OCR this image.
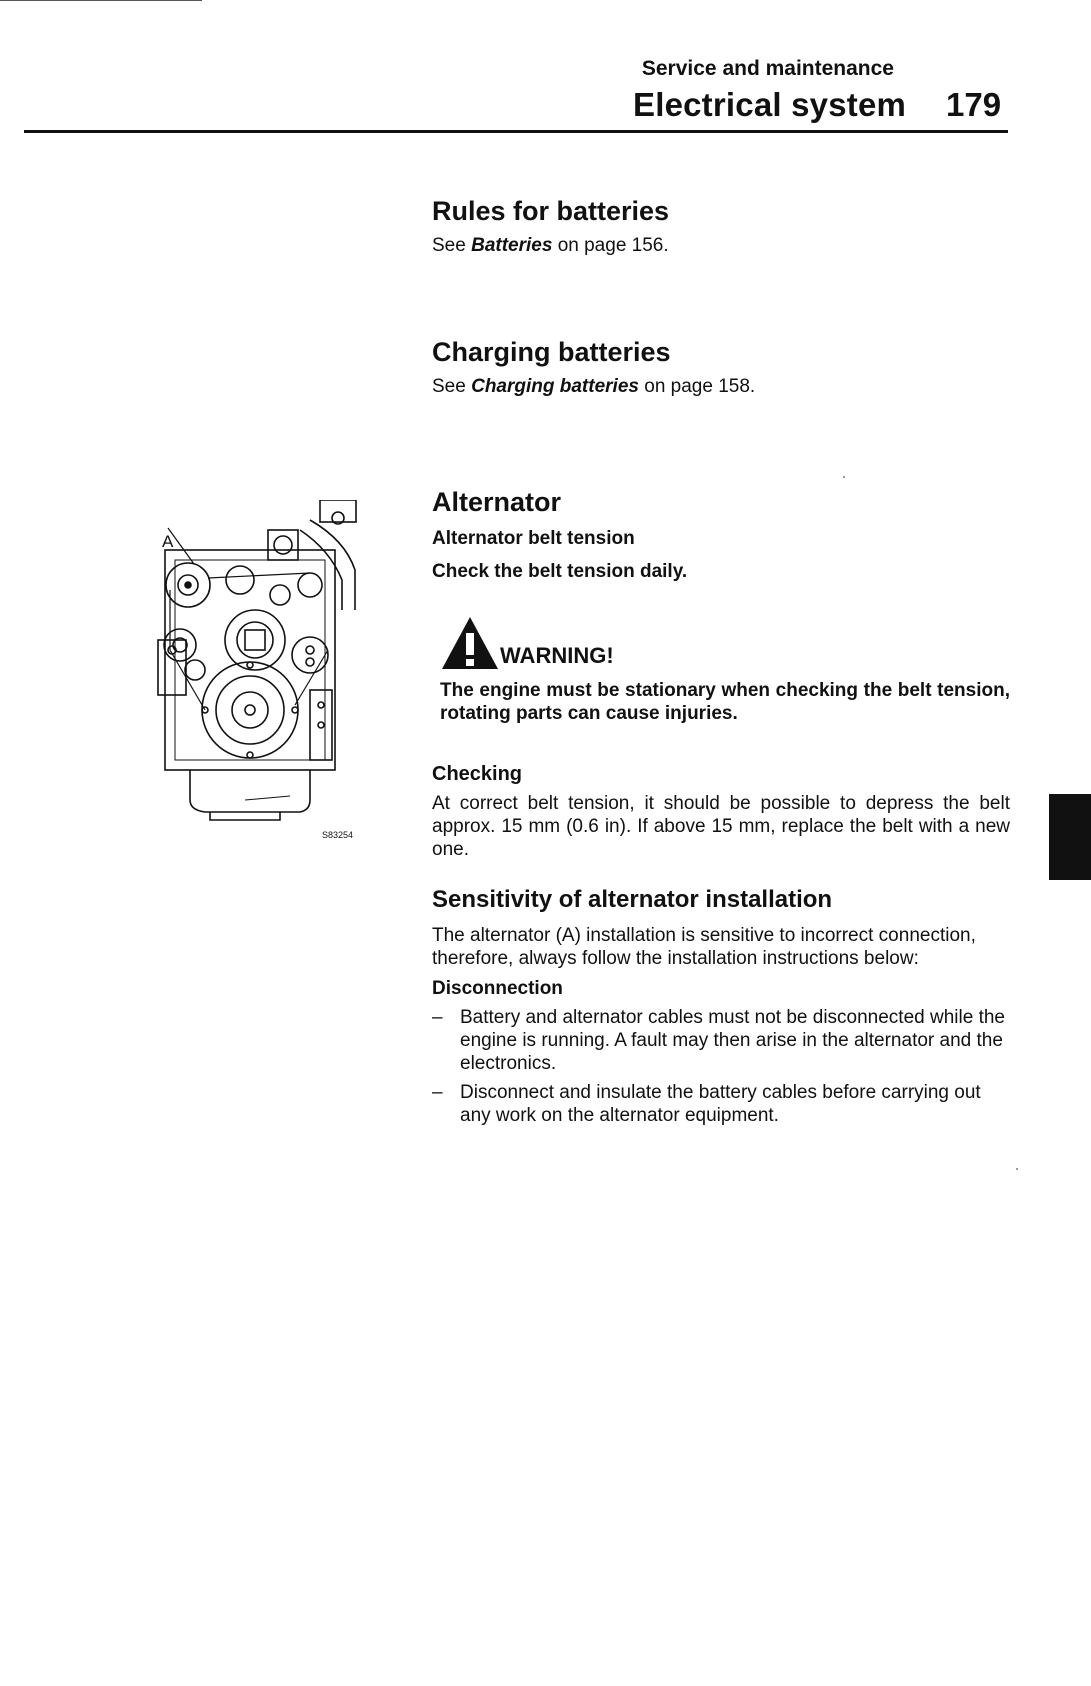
Service and maintenance
Electrical system 179
Rules for batteries
See Batteries on page 156.
Charging batteries
See Charging batteries on page 158.
Alternator
Alternator belt tension
Check the belt tension daily.
WARNING!
The engine must be stationary when checking the belt tension, rotating parts can cause injuries.
Checking

At correct belt tension, it should be possible to depress the belt approx. 15 mm (0.6 in). If above 15 mm, replace the belt with a new one.

Sensitivity of alternator installation

The alternator (A) installation is sensitive to incorrect connection, therefore, always follow the installation instructions below:

Disconnection
– Battery and alternator cables must not be disconnected while the engine is running. A fault may then arise in the alternator and the electronics.
– Disconnect and insulate the battery cables before carrying out any work on the alternator equipment.
A
S83254
